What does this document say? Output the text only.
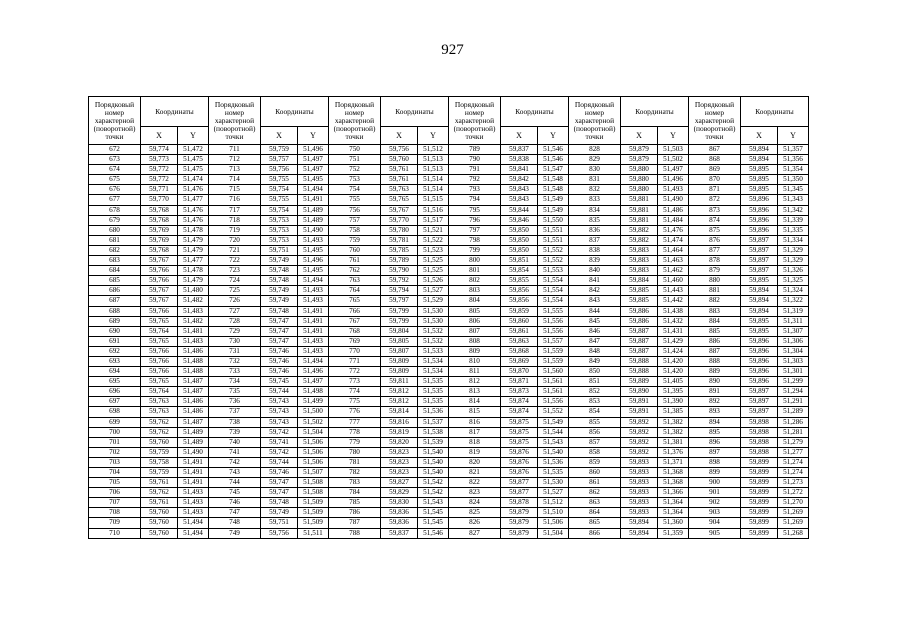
927
Порядковый номер характерной (поворотной) точки	Координаты		Порядковый номер характерной (поворотной) точки	Координаты		Порядковый номер характерной (поворотной) точки	Координаты		Порядковый номер характерной (поворотной) точки	Координаты		Порядковый номер характерной (поворотной) точки	Координаты		Порядковый номер характерной (поворотной) точки	Координаты	
	X	Y		X	Y		X	Y		X	Y		X	Y		X	Y
672	59,774	51,472	711	59,759	51,496	750	59,756	51,512	789	59,837	51,546	828	59,879	51,503	867	59,894	51,357
673	59,773	51,475	712	59,757	51,497	751	59,760	51,513	790	59,838	51,546	829	59,879	51,502	868	59,894	51,356
674	59,772	51,475	713	59,756	51,497	752	59,761	51,513	791	59,841	51,547	830	59,880	51,497	869	59,895	51,354
675	59,772	51,474	714	59,755	51,495	753	59,761	51,514	792	59,842	51,548	831	59,880	51,496	870	59,895	51,350
676	59,771	51,476	715	59,754	51,494	754	59,763	51,514	793	59,843	51,548	832	59,880	51,493	871	59,895	51,345
677	59,770	51,477	716	59,755	51,491	755	59,765	51,515	794	59,843	51,549	833	59,881	51,490	872	59,896	51,343
678	59,768	51,476	717	59,754	51,489	756	59,767	51,516	795	59,844	51,549	834	59,881	51,486	873	59,896	51,342
679	59,768	51,476	718	59,753	51,489	757	59,770	51,517	796	59,846	51,550	835	59,881	51,484	874	59,896	51,339
680	59,769	51,478	719	59,753	51,490	758	59,780	51,521	797	59,850	51,551	836	59,882	51,476	875	59,896	51,335
681	59,769	51,479	720	59,753	51,493	759	59,781	51,522	798	59,850	51,551	837	59,882	51,474	876	59,897	51,334
682	59,768	51,479	721	59,751	51,495	760	59,785	51,523	799	59,850	51,552	838	59,883	51,464	877	59,897	51,329
683	59,767	51,477	722	59,749	51,496	761	59,789	51,525	800	59,851	51,552	839	59,883	51,463	878	59,897	51,329
684	59,766	51,478	723	59,748	51,495	762	59,790	51,525	801	59,854	51,553	840	59,883	51,462	879	59,897	51,326
685	59,766	51,479	724	59,748	51,494	763	59,792	51,526	802	59,855	51,554	841	59,884	51,460	880	59,895	51,325
686	59,767	51,480	725	59,749	51,493	764	59,794	51,527	803	59,856	51,554	842	59,885	51,443	881	59,894	51,324
687	59,767	51,482	726	59,749	51,493	765	59,797	51,529	804	59,856	51,554	843	59,885	51,442	882	59,894	51,322
688	59,766	51,483	727	59,748	51,491	766	59,799	51,530	805	59,859	51,555	844	59,886	51,438	883	59,894	51,319
689	59,765	51,482	728	59,747	51,491	767	59,799	51,530	806	59,860	51,556	845	59,886	51,432	884	59,895	51,311
690	59,764	51,481	729	59,747	51,491	768	59,804	51,532	807	59,861	51,556	846	59,887	51,431	885	59,895	51,307
691	59,765	51,483	730	59,747	51,493	769	59,805	51,532	808	59,863	51,557	847	59,887	51,429	886	59,896	51,306
692	59,766	51,486	731	59,746	51,493	770	59,807	51,533	809	59,868	51,559	848	59,887	51,424	887	59,896	51,304
693	59,766	51,488	732	59,746	51,494	771	59,809	51,534	810	59,869	51,559	849	59,888	51,420	888	59,896	51,303
694	59,766	51,488	733	59,746	51,496	772	59,809	51,534	811	59,870	51,560	850	59,888	51,420	889	59,896	51,301
695	59,765	51,487	734	59,745	51,497	773	59,811	51,535	812	59,871	51,561	851	59,889	51,405	890	59,896	51,299
696	59,764	51,487	735	59,744	51,498	774	59,812	51,535	813	59,873	51,561	852	59,890	51,395	891	59,897	51,294
697	59,763	51,486	736	59,743	51,499	775	59,812	51,535	814	59,874	51,556	853	59,891	51,390	892	59,897	51,291
698	59,763	51,486	737	59,743	51,500	776	59,814	51,536	815	59,874	51,552	854	59,891	51,385	893	59,897	51,289
699	59,762	51,487	738	59,743	51,502	777	59,816	51,537	816	59,875	51,549	855	59,892	51,382	894	59,898	51,286
700	59,762	51,489	739	59,742	51,504	778	59,819	51,538	817	59,875	51,544	856	59,892	51,382	895	59,898	51,281
701	59,760	51,489	740	59,741	51,506	779	59,820	51,539	818	59,875	51,543	857	59,892	51,381	896	59,898	51,279
702	59,759	51,490	741	59,742	51,506	780	59,823	51,540	819	59,876	51,540	858	59,892	51,376	897	59,898	51,277
703	59,758	51,491	742	59,744	51,506	781	59,823	51,540	820	59,876	51,536	859	59,893	51,371	898	59,899	51,274
704	59,759	51,491	743	59,746	51,507	782	59,823	51,540	821	59,876	51,535	860	59,893	51,368	899	59,899	51,274
705	59,761	51,491	744	59,747	51,508	783	59,827	51,542	822	59,877	51,530	861	59,893	51,368	900	59,899	51,273
706	59,762	51,493	745	59,747	51,508	784	59,829	51,542	823	59,877	51,527	862	59,893	51,366	901	59,899	51,272
707	59,761	51,493	746	59,748	51,509	785	59,830	51,543	824	59,878	51,512	863	59,893	51,364	902	59,899	51,270
708	59,760	51,493	747	59,749	51,509	786	59,836	51,545	825	59,879	51,510	864	59,893	51,364	903	59,899	51,269
709	59,760	51,494	748	59,751	51,509	787	59,836	51,545	826	59,879	51,506	865	59,894	51,360	904	59,899	51,269
710	59,760	51,494	749	59,756	51,511	788	59,837	51,546	827	59,879	51,504	866	59,894	51,359	905	59,899	51,268
